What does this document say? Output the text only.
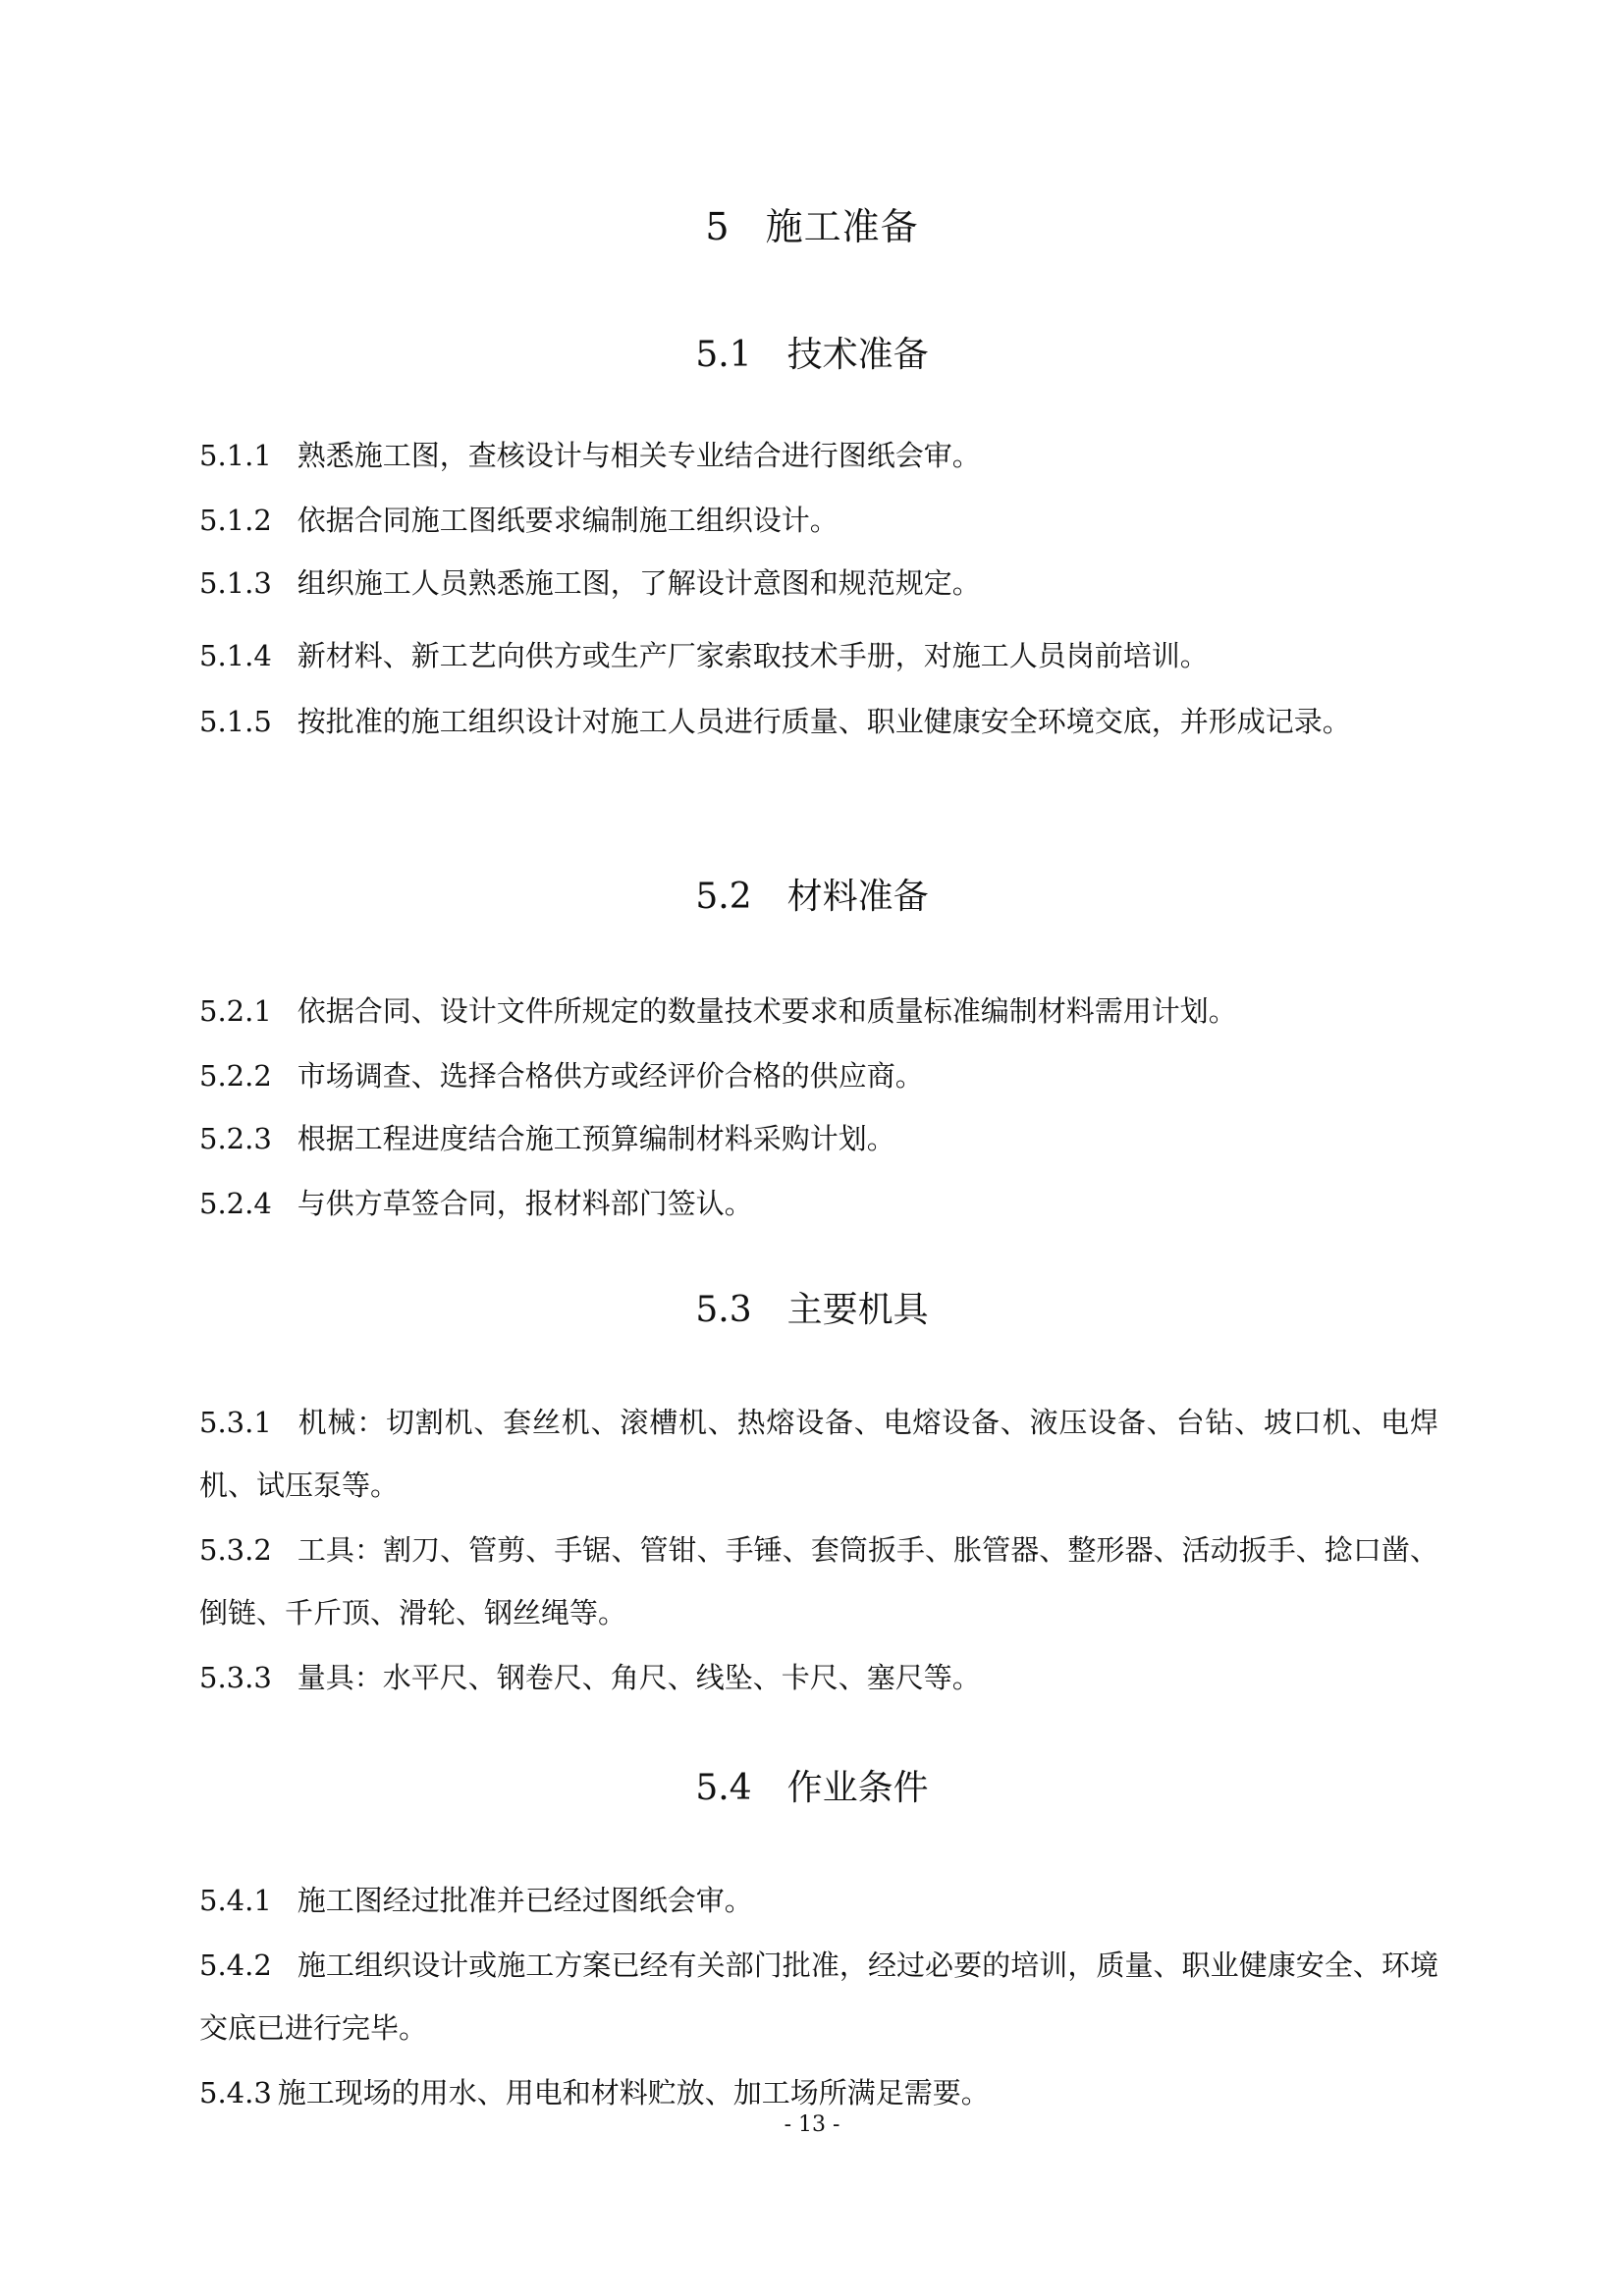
5 施工准备
5.1 技术准备
5.1.1 熟悉施工图，查核设计与相关专业结合进行图纸会审。
5.1.2 依据合同施工图纸要求编制施工组织设计。
5.1.3 组织施工人员熟悉施工图，了解设计意图和规范规定。
5.1.4 新材料、新工艺向供方或生产厂家索取技术手册，对施工人员岗前培训。
5.1.5 按批准的施工组织设计对施工人员进行质量、职业健康安全环境交底，并形成记录。
5.2 材料准备
5.2.1 依据合同、设计文件所规定的数量技术要求和质量标准编制材料需用计划。
5.2.2 市场调查、选择合格供方或经评价合格的供应商。
5.2.3 根据工程进度结合施工预算编制材料采购计划。
5.2.4 与供方草签合同，报材料部门签认。
5.3 主要机具
5.3.1 机械：切割机、套丝机、滚槽机、热熔设备、电熔设备、液压设备、台钻、坡口机、电焊机、试压泵等。
5.3.2 工具：割刀、管剪、手锯、管钳、手锤、套筒扳手、胀管器、整形器、活动扳手、捻口凿、倒链、千斤顶、滑轮、钢丝绳等。
5.3.3 量具：水平尺、钢卷尺、角尺、线坠、卡尺、塞尺等。
5.4 作业条件
5.4.1 施工图经过批准并已经过图纸会审。
5.4.2 施工组织设计或施工方案已经有关部门批准，经过必要的培训，质量、职业健康安全、环境交底已进行完毕。
5.4.3 施工现场的用水、用电和材料贮放、加工场所满足需要。
- 13 -
